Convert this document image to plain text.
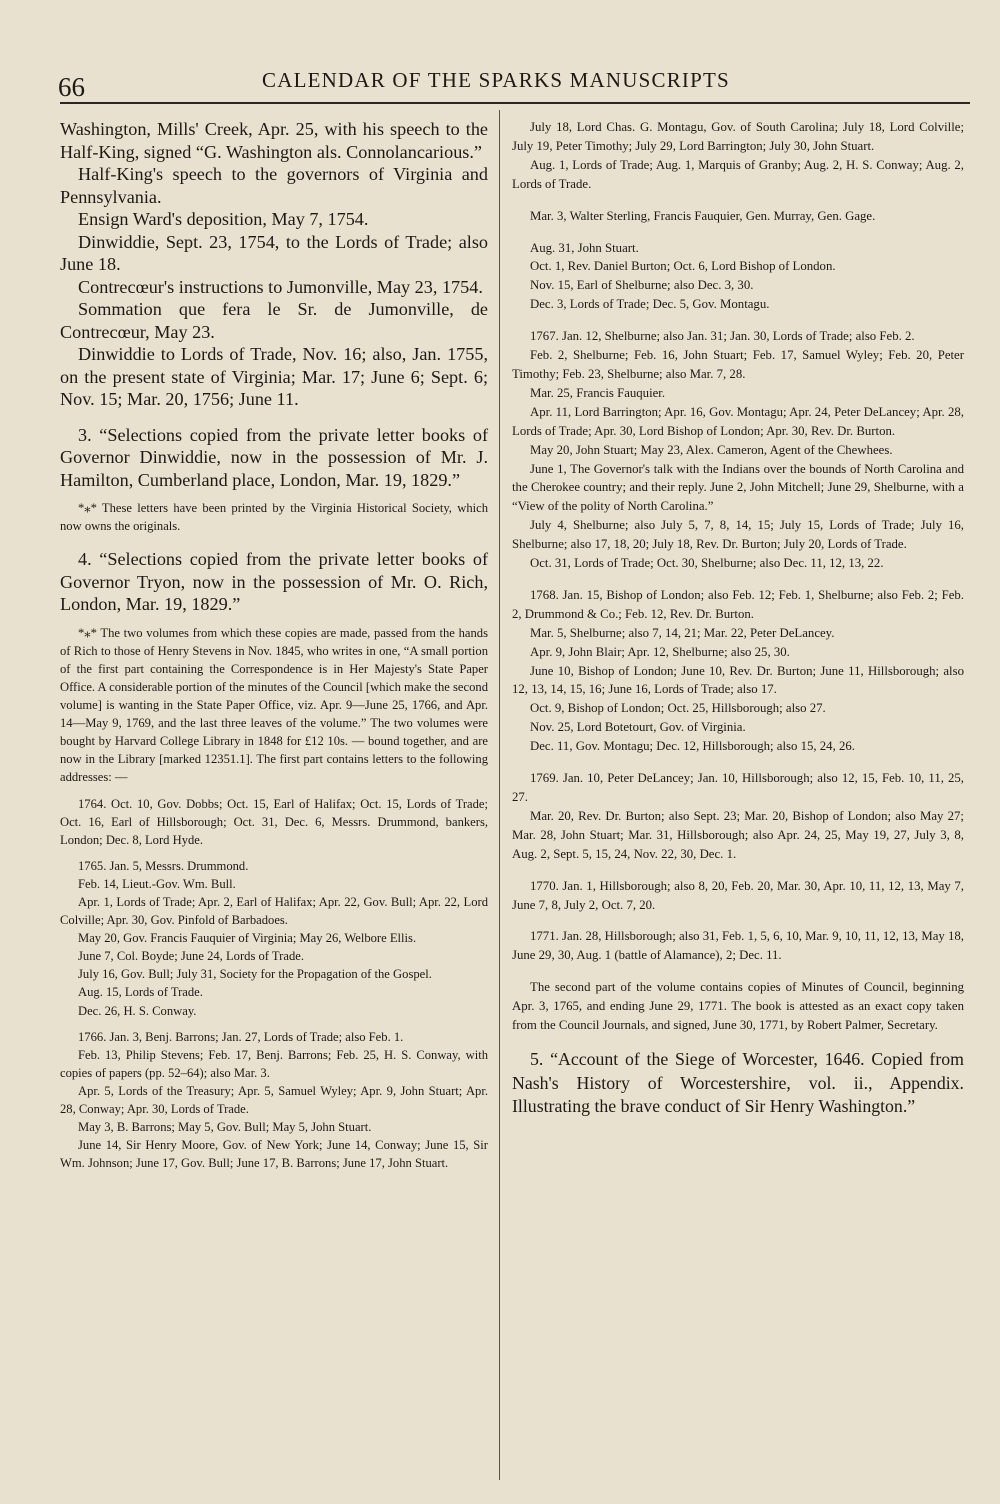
66	CALENDAR OF THE SPARKS MANUSCRIPTS

Washington, Mills' Creek, Apr. 25, with his speech to the Half-King, signed “G. Washington als. Connolancarious.”

Half-King's speech to the governors of Virginia and Pennsylvania.

Ensign Ward's deposition, May 7, 1754.

Dinwiddie, Sept. 23, 1754, to the Lords of Trade; also June 18.

Contrecœur's instructions to Jumonville, May 23, 1754.

Sommation que fera le Sr. de Jumonville, de Contrecœur, May 23.

Dinwiddie to Lords of Trade, Nov. 16; also, Jan. 1755, on the present state of Virginia; Mar. 17; June 6; Sept. 6; Nov. 15; Mar. 20, 1756; June 11.

3. “Selections copied from the private letter books of Governor Dinwiddie, now in the possession of Mr. J. Hamilton, Cumberland place, London, Mar. 19, 1829.”

*⁎* These letters have been printed by the Virginia Historical Society, which now owns the originals.

4. “Selections copied from the private letter books of Governor Tryon, now in the possession of Mr. O. Rich, London, Mar. 19, 1829.”

*⁎* The two volumes from which these copies are made, passed from the hands of Rich to those of Henry Stevens in Nov. 1845, who writes in one, “A small portion of the first part containing the Correspondence is in Her Majesty's State Paper Office. A considerable portion of the minutes of the Council [which make the second volume] is wanting in the State Paper Office, viz. Apr. 9—June 25, 1766, and Apr. 14—May 9, 1769, and the last three leaves of the volume.” The two volumes were bought by Harvard College Library in 1848 for £12 10s. — bound together, and are now in the Library [marked 12351.1]. The first part contains letters to the following addresses: —

1764. Oct. 10, Gov. Dobbs; Oct. 15, Earl of Halifax; Oct. 15, Lords of Trade; Oct. 16, Earl of Hillsborough; Oct. 31, Dec. 6, Messrs. Drummond, bankers, London; Dec. 8, Lord Hyde.

1765. Jan. 5, Messrs. Drummond.

Feb. 14, Lieut.-Gov. Wm. Bull.

Apr. 1, Lords of Trade; Apr. 2, Earl of Halifax; Apr. 22, Gov. Bull; Apr. 22, Lord Colville; Apr. 30, Gov. Pinfold of Barbadoes.

May 20, Gov. Francis Fauquier of Virginia; May 26, Welbore Ellis.

June 7, Col. Boyde; June 24, Lords of Trade.

July 16, Gov. Bull; July 31, Society for the Propagation of the Gospel.

Aug. 15, Lords of Trade.

Dec. 26, H. S. Conway.

1766. Jan. 3, Benj. Barrons; Jan. 27, Lords of Trade; also Feb. 1.

Feb. 13, Philip Stevens; Feb. 17, Benj. Barrons; Feb. 25, H. S. Conway, with copies of papers (pp. 52–64); also Mar. 3.

Apr. 5, Lords of the Treasury; Apr. 5, Samuel Wyley; Apr. 9, John Stuart; Apr. 28, Conway; Apr. 30, Lords of Trade.

May 3, B. Barrons; May 5, Gov. Bull; May 5, John Stuart.

June 14, Sir Henry Moore, Gov. of New York; June 14, Conway; June 15, Sir Wm. Johnson; June 17, Gov. Bull; June 17, B. Barrons; June 17, John Stuart.

July 18, Lord Chas. G. Montagu, Gov. of South Carolina; July 18, Lord Colville; July 19, Peter Timothy; July 29, Lord Barrington; July 30, John Stuart.

Aug. 1, Lords of Trade; Aug. 1, Marquis of Granby; Aug. 2, H. S. Conway; Aug. 2, Lords of Trade.

Mar. 3, Walter Sterling, Francis Fauquier, Gen. Murray, Gen. Gage.

Aug. 31, John Stuart.

Oct. 1, Rev. Daniel Burton; Oct. 6, Lord Bishop of London.

Nov. 15, Earl of Shelburne; also Dec. 3, 30.

Dec. 3, Lords of Trade; Dec. 5, Gov. Montagu.

1767. Jan. 12, Shelburne; also Jan. 31; Jan. 30, Lords of Trade; also Feb. 2.

Feb. 2, Shelburne; Feb. 16, John Stuart; Feb. 17, Samuel Wyley; Feb. 20, Peter Timothy; Feb. 23, Shelburne; also Mar. 7, 28.

Mar. 25, Francis Fauquier.

Apr. 11, Lord Barrington; Apr. 16, Gov. Montagu; Apr. 24, Peter DeLancey; Apr. 28, Lords of Trade; Apr. 30, Lord Bishop of London; Apr. 30, Rev. Dr. Burton.

May 20, John Stuart; May 23, Alex. Cameron, Agent of the Chewhees.

June 1, The Governor's talk with the Indians over the bounds of North Carolina and the Cherokee country; and their reply. June 2, John Mitchell; June 29, Shelburne, with a “View of the polity of North Carolina.”

July 4, Shelburne; also July 5, 7, 8, 14, 15; July 15, Lords of Trade; July 16, Shelburne; also 17, 18, 20; July 18, Rev. Dr. Burton; July 20, Lords of Trade.

Oct. 31, Lords of Trade; Oct. 30, Shelburne; also Dec. 11, 12, 13, 22.

1768. Jan. 15, Bishop of London; also Feb. 12; Feb. 1, Shelburne; also Feb. 2; Feb. 2, Drummond & Co.; Feb. 12, Rev. Dr. Burton.

Mar. 5, Shelburne; also 7, 14, 21; Mar. 22, Peter DeLancey.

Apr. 9, John Blair; Apr. 12, Shelburne; also 25, 30.

June 10, Bishop of London; June 10, Rev. Dr. Burton; June 11, Hillsborough; also 12, 13, 14, 15, 16; June 16, Lords of Trade; also 17.

Oct. 9, Bishop of London; Oct. 25, Hillsborough; also 27.

Nov. 25, Lord Botetourt, Gov. of Virginia.

Dec. 11, Gov. Montagu; Dec. 12, Hillsborough; also 15, 24, 26.

1769. Jan. 10, Peter DeLancey; Jan. 10, Hillsborough; also 12, 15, Feb. 10, 11, 25, 27.

Mar. 20, Rev. Dr. Burton; also Sept. 23; Mar. 20, Bishop of London; also May 27; Mar. 28, John Stuart; Mar. 31, Hillsborough; also Apr. 24, 25, May 19, 27, July 3, 8, Aug. 2, Sept. 5, 15, 24, Nov. 22, 30, Dec. 1.

1770. Jan. 1, Hillsborough; also 8, 20, Feb. 20, Mar. 30, Apr. 10, 11, 12, 13, May 7, June 7, 8, July 2, Oct. 7, 20.

1771. Jan. 28, Hillsborough; also 31, Feb. 1, 5, 6, 10, Mar. 9, 10, 11, 12, 13, May 18, June 29, 30, Aug. 1 (battle of Alamance), 2; Dec. 11.

The second part of the volume contains copies of Minutes of Council, beginning Apr. 3, 1765, and ending June 29, 1771. The book is attested as an exact copy taken from the Council Journals, and signed, June 30, 1771, by Robert Palmer, Secretary.

5. “Account of the Siege of Worcester, 1646. Copied from Nash's History of Worcestershire, vol. ii., Appendix. Illustrating the brave conduct of Sir Henry Washington.”
